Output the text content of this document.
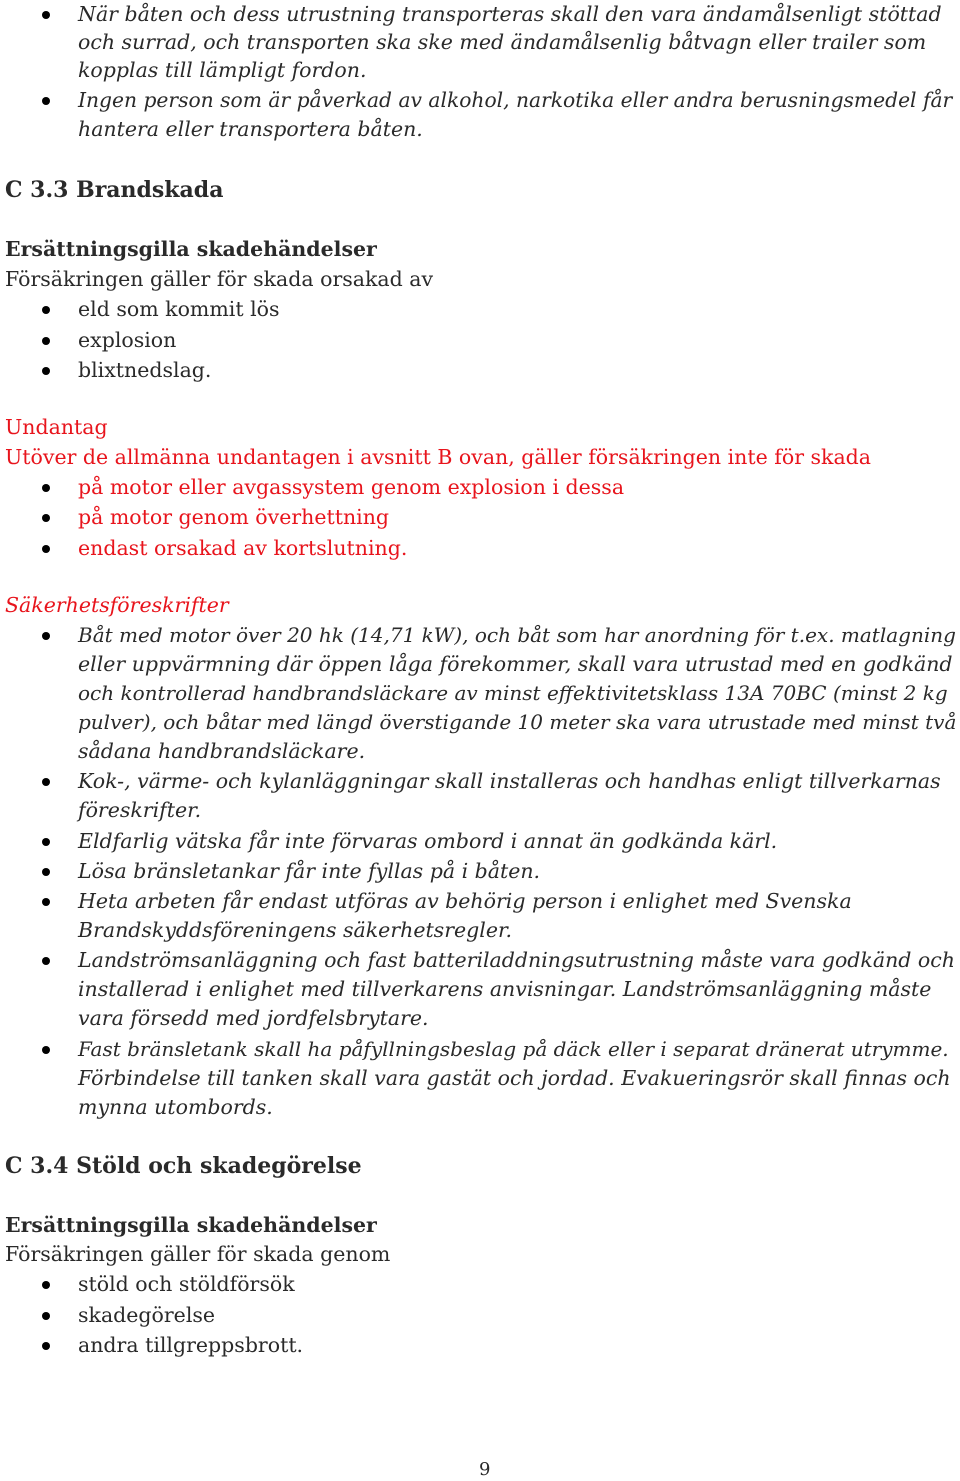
När båten och dess utrustning transporteras skall den vara ändamålsenligt stöttad
och surrad, och transporten ska ske med ändamålsenlig båtvagn eller trailer som
kopplas till lämpligt fordon.
Ingen person som är påverkad av alkohol, narkotika eller andra berusningsmedel får
hantera eller transportera båten.
C 3.3 Brandskada
Ersättningsgilla skadehändelser
Försäkringen gäller för skada orsakad av
eld som kommit lös
explosion
blixtnedslag.
Undantag
Utöver de allmänna undantagen i avsnitt B ovan, gäller försäkringen inte för skada
på motor eller avgassystem genom explosion i dessa
på motor genom överhettning
endast orsakad av kortslutning.
Säkerhetsföreskrifter
Båt med motor över 20 hk (14,71 kW), och båt som har anordning för t.ex. matlagning
eller uppvärmning där öppen låga förekommer, skall vara utrustad med en godkänd
och kontrollerad handbrandsläckare av minst effektivitetsklass 13A 70BC (minst 2 kg
pulver), och båtar med längd överstigande 10 meter ska vara utrustade med minst två
sådana handbrandsläckare.
Kok-, värme- och kylanläggningar skall installeras och handhas enligt tillverkarnas
föreskrifter.
Eldfarlig vätska får inte förvaras ombord i annat än godkända kärl.
Lösa bränsletankar får inte fyllas på i båten.
Heta arbeten får endast utföras av behörig person i enlighet med Svenska
Brandskyddsföreningens säkerhetsregler.
Landströmsanläggning och fast batteriladdningsutrustning måste vara godkänd och
installerad i enlighet med tillverkarens anvisningar. Landströmsanläggning måste
vara försedd med jordfelsbrytare.
Fast bränsletank skall ha påfyllningsbeslag på däck eller i separat dränerat utrymme.
Förbindelse till tanken skall vara gastät och jordad. Evakueringsrör skall finnas och
mynna utombords.
C 3.4 Stöld och skadegörelse
Ersättningsgilla skadehändelser
Försäkringen gäller för skada genom
stöld och stöldförsök
skadegörelse
andra tillgreppsbrott.
9
